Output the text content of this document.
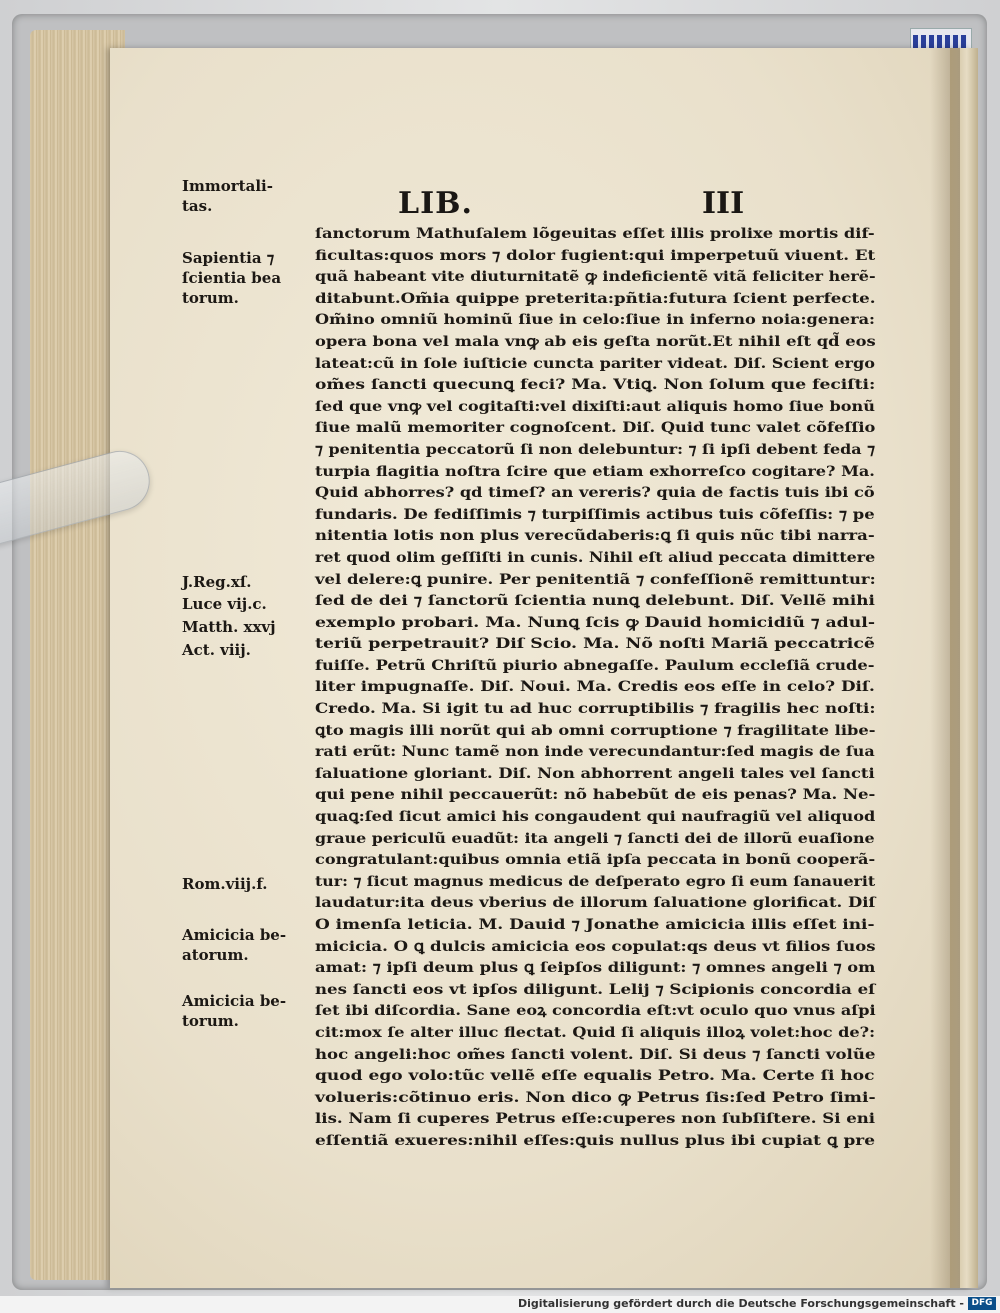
LIB.	III
Immortali-
tas.
Sapientia ⁊
ſcientia bea
torum.
J.Reg.xſ.
Luce vij.c.
Matth. xxvj
Act. viij.
Rom.viij.f.
Amicicia be-
atorum.
Amicicia be-
torum.
ſanctorum Mathuſalem lõgeuitas eſſet illis prolixe mortis dif-
ficultas:quos mors ⁊ dolor fugient:qui imperpetuũ viuent. Et
quã habeant vite diuturnitatẽ ꝙ indeficientẽ vitã feliciter herẽ-
ditabunt.Om̃ia quippe preterita:pñtia:futura ſcient perfecte.
Om̃ino omniũ hominũ ſiue in celo:ſiue in inferno noia:genera:
opera bona vel mala vnꝙ ab eis geſta norũt.Et nihil eſt qd̃ eos
lateat:cũ in ſole iuſticie cuncta pariter videat. Diſ. Scient ergo
om̃es ſancti quecunꝗ feci? Ma. Vtiꝗ. Non ſolum que feciſti:
ſed que vnꝙ vel cogitaſti:vel dixiſti:aut aliquis homo ſiue bonũ
ſiue malũ memoriter cognoſcent. Diſ. Quid tunc valet cõfeſſio
⁊ penitentia peccatorũ ſi non delebuntur: ⁊ ſi ipſi debent feda ⁊
turpia flagitia noſtra ſcire que etiam exhorreſco cogitare? Ma.
Quid abhorres? qd timeſ? an vereris? quia de factis tuis ibi cõ
fundaris. De fediſſimis ⁊ turpiſſimis actibus tuis cõfeſſis: ⁊ pe
nitentia lotis non plus verecũdaberis:ꝗ ſi quis nũc tibi narra-
ret quod olim geſſiſti in cunis. Nihil eſt aliud peccata dimittere
vel delere:ꝗ punire. Per penitentiã ⁊ confeſſionẽ remittuntur:
ſed de dei ⁊ ſanctorũ ſcientia nunꝗ delebunt. Diſ. Vellẽ mihi
exemplo probari. Ma. Nunꝗ ſcis ꝙ Dauid homicidiũ ⁊ adul-
teriũ perpetrauit? Diſ Scio. Ma. Nõ noſti Mariã peccatricẽ
fuiſſe. Petrũ Chriſtũ piurio abnegaſſe. Paulum eccleſiã crude-
liter impugnaſſe. Diſ. Noui. Ma. Credis eos eſſe in celo? Diſ.
Credo. Ma. Si igit tu ad huc corruptibilis ⁊ fragilis hec noſti:
ꝗto magis illi norũt qui ab omni corruptione ⁊ fragilitate libe-
rati erũt: Nunc tamẽ non inde verecundantur:ſed magis de ſua
ſaluatione gloriant. Diſ. Non abhorrent angeli tales vel ſancti
qui pene nihil peccauerũt: nõ habebũt de eis penas? Ma. Ne-
quaꝗ:ſed ſicut amici his congaudent qui naufragiũ vel aliquod
graue periculũ euadũt: ita angeli ⁊ ſancti dei de illorũ euaſione
congratulant:quibus omnia etiã ipſa peccata in bonũ cooperã-
tur: ⁊ ſicut magnus medicus de deſperato egro ſi eum ſanauerit
laudatur:ita deus vberius de illorum ſaluatione glorificat. Diſ
O imenſa leticia. M. Dauid ⁊ Jonathe amicicia illis eſſet ini-
micicia. O ꝗ dulcis amicicia eos copulat:qs deus vt filios ſuos
amat: ⁊ ipſi deum plus ꝗ ſeipſos diligunt: ⁊ omnes angeli ⁊ om
nes ſancti eos vt ipſos diligunt. Lelij ⁊ Scipionis concordia eſ
ſet ibi diſcordia. Sane eoꝝ concordia eſt:vt oculo quo vnus aſpi
cit:mox ſe alter illuc flectat. Quid ſi aliquis illoꝝ volet:hoc de?:
hoc angeli:hoc om̃es ſancti volent. Diſ. Si deus ⁊ ſancti volũe
quod ego volo:tũc vellẽ eſſe equalis Petro. Ma. Certe ſi hoc
volueris:cõtinuo eris. Non dico ꝙ Petrus ſis:ſed Petro ſimi-
lis. Nam ſi cuperes Petrus eſſe:cuperes non ſubſiſtere. Si eni
eſſentiã exueres:nihil eſſes:ꝗuis nullus plus ibi cupiat ꝗ pre
Digitalisierung gefördert durch die Deutsche Forschungsgemeinschaft - DFG
